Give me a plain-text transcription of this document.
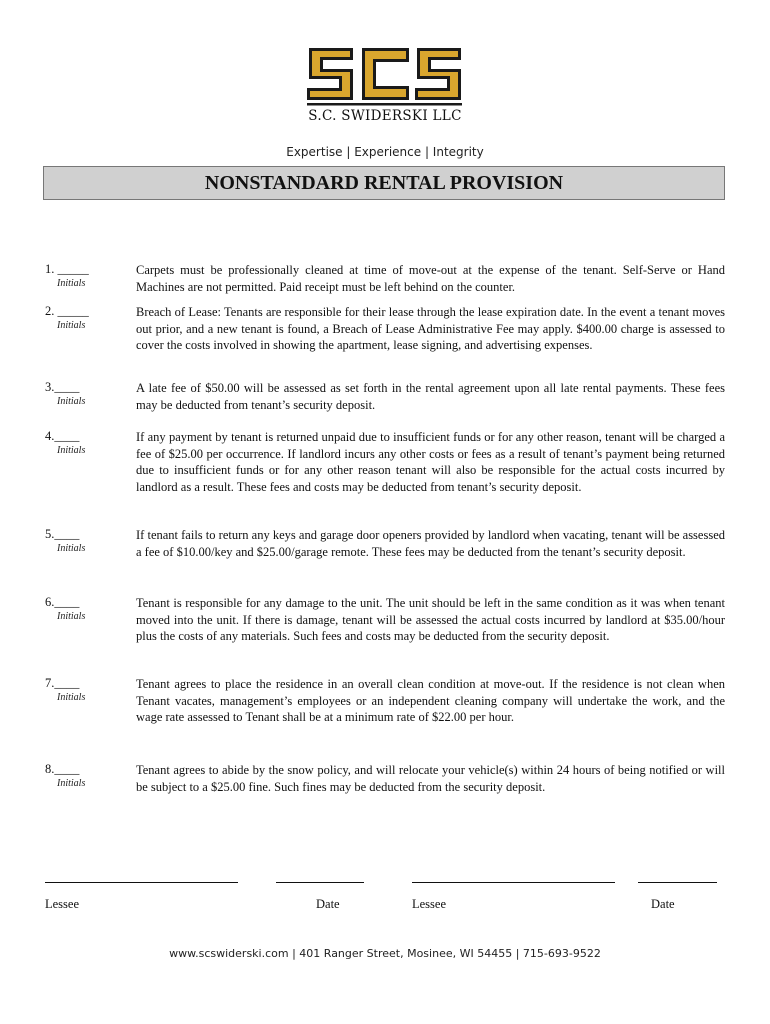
S.C. SWIDERSKI LLC
Expertise | Experience | Integrity
NONSTANDARD RENTAL PROVISION
1. _____
Initials
Carpets must be professionally cleaned at time of move-out at the expense of the tenant. Self-Serve or Hand Machines are not permitted. Paid receipt must be left behind on the counter.
2. _____
Initials
Breach of Lease: Tenants are responsible for their lease through the lease expiration date. In the event a tenant moves out prior, and a new tenant is found, a Breach of Lease Administrative Fee may apply. $400.00 charge is assessed to cover the costs involved in showing the apartment, lease signing, and advertising expenses.
3.____
Initials
A late fee of $50.00 will be assessed as set forth in the rental agreement upon all late rental payments. These fees may be deducted from tenant’s security deposit.
4.____
Initials
If any payment by tenant is returned unpaid due to insufficient funds or for any other reason, tenant will be charged a fee of $25.00 per occurrence. If landlord incurs any other costs or fees as a result of tenant’s payment being returned due to insufficient funds or for any other reason tenant will also be responsible for the actual costs incurred by landlord as a result. These fees and costs may be deducted from tenant’s security deposit.
5.____
Initials
If tenant fails to return any keys and garage door openers provided by landlord when vacating, tenant will be assessed a fee of $10.00/key and $25.00/garage remote. These fees may be deducted from the tenant’s security deposit.
6.____
Initials
Tenant is responsible for any damage to the unit. The unit should be left in the same condition as it was when tenant moved into the unit. If there is damage, tenant will be assessed the actual costs incurred by landlord at $35.00/hour plus the costs of any materials. Such fees and costs may be deducted from the security deposit.
7.____
Initials
Tenant agrees to place the residence in an overall clean condition at move-out. If the residence is not clean when Tenant vacates, management’s employees or an independent cleaning company will undertake the work, and the wage rate assessed to Tenant shall be at a minimum rate of $22.00 per hour.
8.____
Initials
Tenant agrees to abide by the snow policy, and will relocate your vehicle(s) within 24 hours of being notified or will be subject to a $25.00 fine. Such fines may be deducted from the security deposit.
Lessee	Date	Lessee	Date
www.scswiderski.com | 401 Ranger Street, Mosinee, WI 54455 | 715-693-9522
